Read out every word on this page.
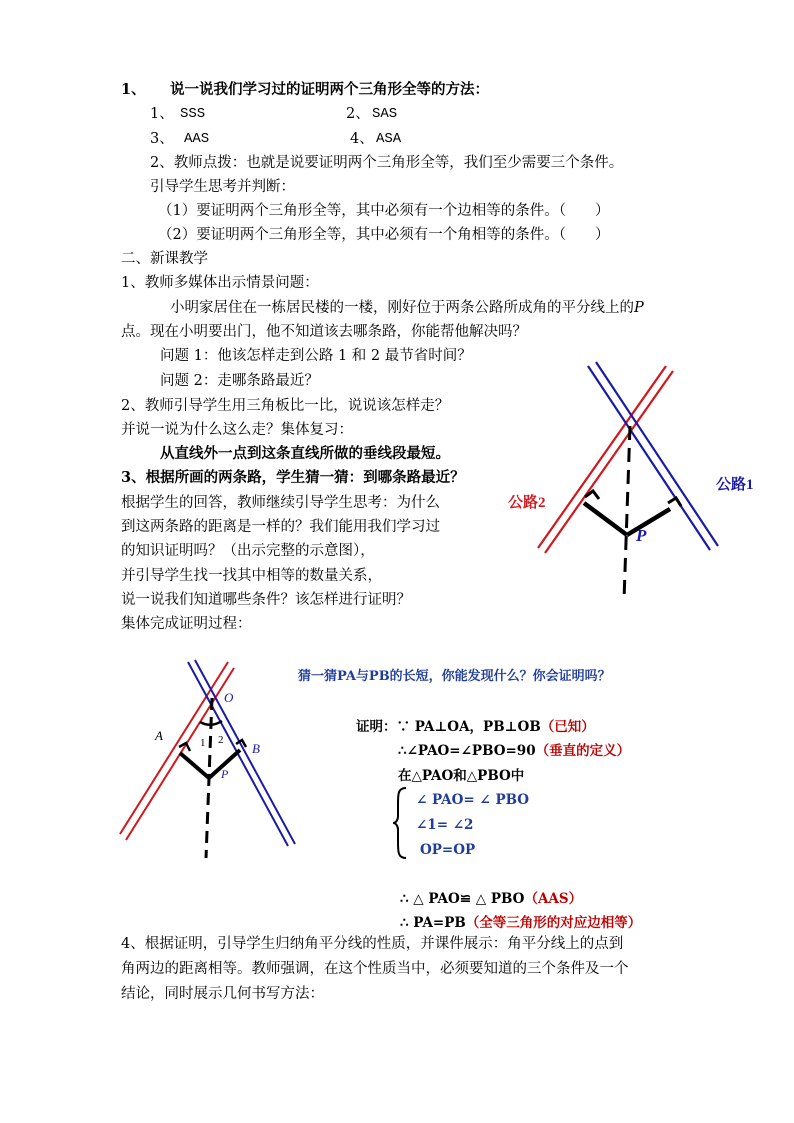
1、 说一说我们学习过的证明两个三角形全等的方法：
1、 SSS	2、 SAS
3、 AAS	4、 ASA
2、教师点拨：也就是说要证明两个三角形全等，我们至少需要三个条件。
引导学生思考并判断：
（1）要证明两个三角形全等，其中必须有一个边相等的条件。（　　）
（2）要证明两个三角形全等，其中必须有一个角相等的条件。（　　）
二、新课教学
1、教师多媒体出示情景问题：
小明家居住在一栋居民楼的一楼，刚好位于两条公路所成角的平分线上的P
点。现在小明要出门，他不知道该去哪条路，你能帮他解决吗？
问题 1：他该怎样走到公路 1 和 2 最节省时间？
问题 2：走哪条路最近？
2、教师引导学生用三角板比一比，说说该怎样走？
并说一说为什么这么走？集体复习：
从直线外一点到这条直线所做的垂线段最短。
3、根据所画的两条路，学生猜一猜：到哪条路最近？
根据学生的回答，教师继续引导学生思考：为什么
到这两条路的距离是一样的？我们能用我们学习过
的知识证明吗？（出示完整的示意图），
并引导学生找一找其中相等的数量关系，
说一说我们知道哪些条件？该怎样进行证明？
集体完成证明过程：
P
公路2
公路1
O
A
B
P
1 2
猜一猜PA与PB的长短，你能发现什么？你会证明吗？
证明：∵ PA⊥OA，PB⊥OB（已知）
∴∠PAO=∠PBO=90（垂直的定义）
在△PAO和△PBO中
∠ PAO= ∠ PBO
∠1= ∠2
OP=OP
∴ △ PAO≌ △ PBO（AAS）
∴ PA=PB（全等三角形的对应边相等）
4、根据证明，引导学生归纳角平分线的性质，并课件展示：角平分线上的点到
角两边的距离相等。教师强调，在这个性质当中，必须要知道的三个条件及一个
结论，同时展示几何书写方法：
